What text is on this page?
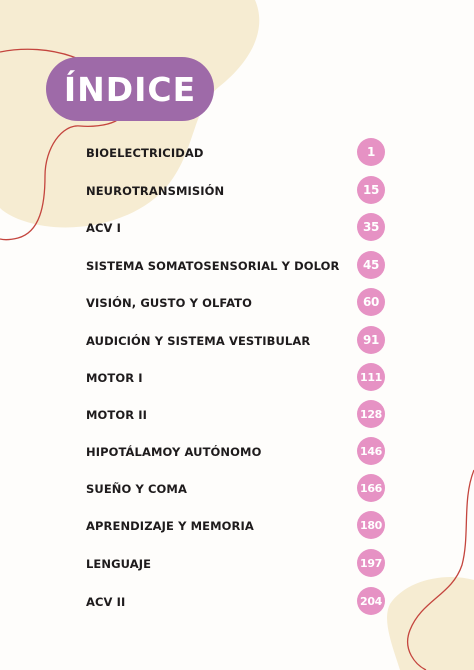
ÍNDICE
BIOELECTRICIDAD	1
NEUROTRANSMISIÓN	15
ACV I	35
SISTEMA SOMATOSENSORIAL Y DOLOR	45
VISIÓN, GUSTO Y OLFATO	60
AUDICIÓN Y SISTEMA VESTIBULAR	91
MOTOR I	111
MOTOR II	128
HIPOTÁLAMOY AUTÓNOMO	146
SUEÑO Y COMA	166
APRENDIZAJE Y MEMORIA	180
LENGUAJE	197
ACV II	204
